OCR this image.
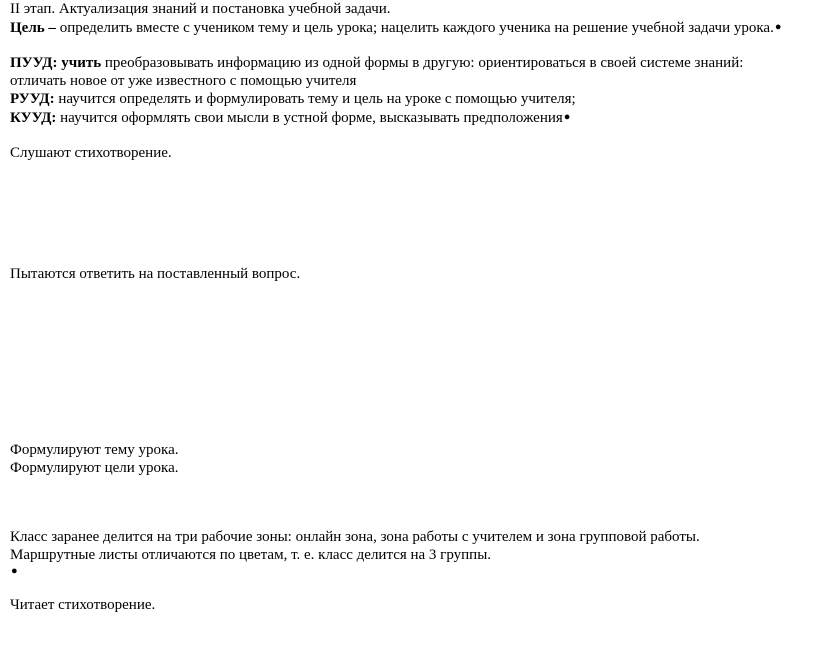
II этап. Актуализация знаний и постановка учебной задачи.
Цель – определить вместе с учеником тему и цель урока; нацелить каждого ученика на решение учебной задачи урока.●
ПУУД: учить преобразовывать информацию из одной формы в другую: ориентироваться в своей системе знаний:
отличать новое от уже известного с помощью учителя
РУУД: научится определять и формулировать тему и цель на уроке с помощью учителя;
КУУД: научится оформлять свои мысли в устной форме, высказывать предположения●
Слушают стихотворение.
Пытаются ответить на поставленный вопрос.
Формулируют тему урока.
Формулируют цели урока.
Класс заранее делится на три рабочие зоны: онлайн зона, зона работы с учителем и зона групповой работы.
Маршрутные листы отличаются по цветам, т. е. класс делится на 3 группы.
●
Читает стихотворение.
